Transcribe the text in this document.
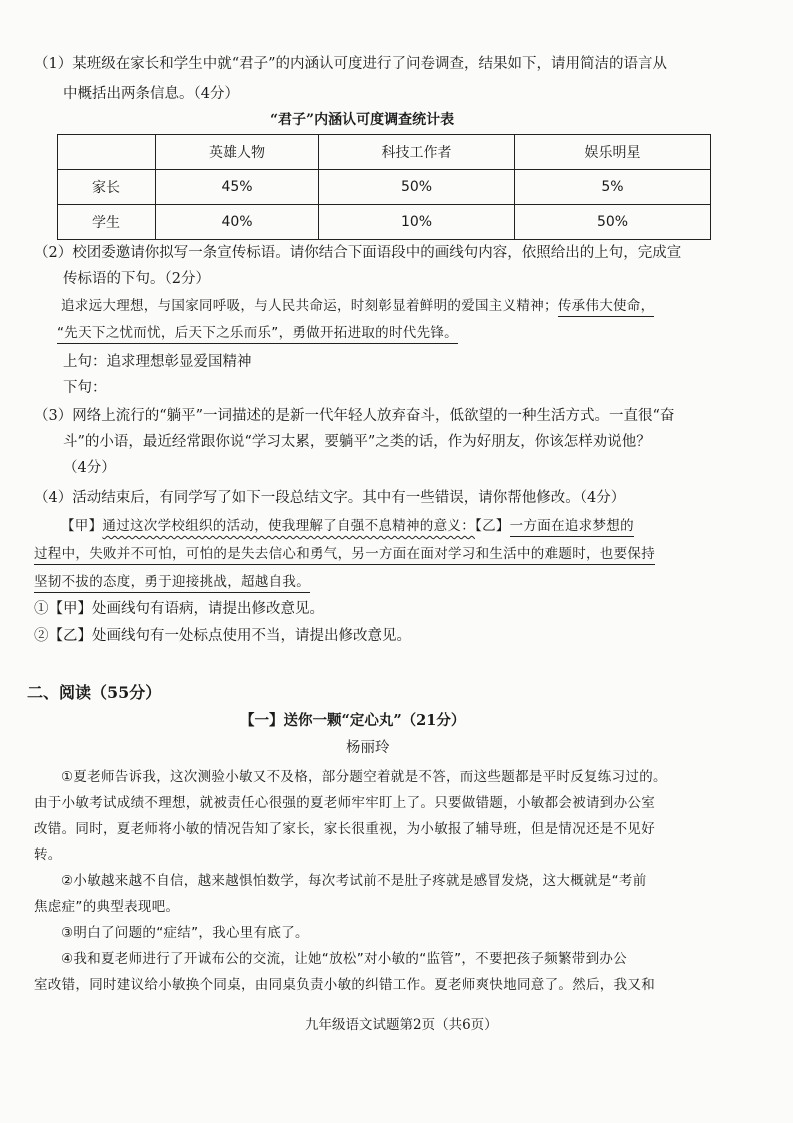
（1）某班级在家长和学生中就“君子”的内涵认可度进行了问卷调查，结果如下，请用简洁的语言从
中概括出两条信息。（4分）
“君子”内涵认可度调查统计表
	英雄人物	科技工作者	娱乐明星
家长	45%	50%	5%
学生	40%	10%	50%
（2）校团委邀请你拟写一条宣传标语。请你结合下面语段中的画线句内容，依照给出的上句，完成宣
传标语的下句。（2分）
追求远大理想，与国家同呼吸，与人民共命运，时刻彰显着鲜明的爱国主义精神；传承伟大使命，
“先天下之忧而忧，后天下之乐而乐”，勇做开拓进取的时代先锋。
上句：追求理想彰显爱国精神
下句：
（3）网络上流行的“躺平”一词描述的是新一代年轻人放弃奋斗，低欲望的一种生活方式。一直很“奋
斗”的小语，最近经常跟你说“学习太累，要躺平”之类的话，作为好朋友，你该怎样劝说他？
（4分）
（4）活动结束后，有同学写了如下一段总结文字。其中有一些错误，请你帮他修改。（4分）
【甲】通过这次学校组织的活动，使我理解了自强不息精神的意义：【乙】一方面在追求梦想的
过程中，失败并不可怕，可怕的是失去信心和勇气，另一方面在面对学习和生活中的难题时，也要保持
坚韧不拔的态度，勇于迎接挑战，超越自我。
①【甲】处画线句有语病，请提出修改意见。
②【乙】处画线句有一处标点使用不当，请提出修改意见。
二、阅读（55分）
【一】送你一颗“定心丸”（21分）
杨丽玲
①夏老师告诉我，这次测验小敏又不及格，部分题空着就是不答，而这些题都是平时反复练习过的。
由于小敏考试成绩不理想，就被责任心很强的夏老师牢牢盯上了。只要做错题，小敏都会被请到办公室
改错。同时，夏老师将小敏的情况告知了家长，家长很重视，为小敏报了辅导班，但是情况还是不见好
转。
②小敏越来越不自信，越来越惧怕数学，每次考试前不是肚子疼就是感冒发烧，这大概就是“考前
焦虑症”的典型表现吧。
③明白了问题的“症结”，我心里有底了。
④我和夏老师进行了开诚布公的交流，让她“放松”对小敏的“监管”，不要把孩子频繁带到办公
室改错，同时建议给小敏换个同桌，由同桌负责小敏的纠错工作。夏老师爽快地同意了。然后，我又和
九年级语文试题第2页（共6页）
